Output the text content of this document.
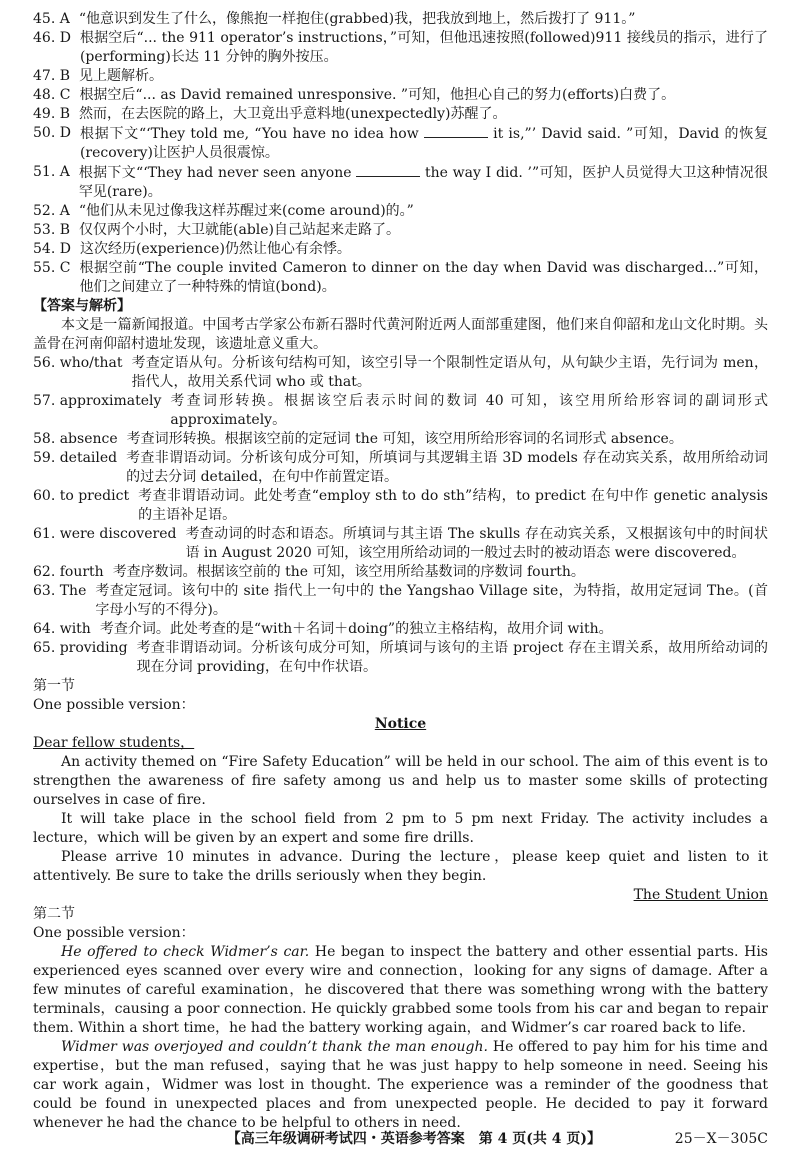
45. A “他意识到发生了什么，像熊抱一样抱住(grabbed)我，把我放到地上，然后拨打了 911。”
46. D 根据空后“... the 911 operator’s instructions，”可知，但他迅速按照(followed)911 接线员的指示，进行了(performing)长达 11 分钟的胸外按压。
47. B 见上题解析。
48. C 根据空后“... as David remained unresponsive. ”可知，他担心自己的努力(efforts)白费了。
49. B 然而，在去医院的路上，大卫竟出乎意料地(unexpectedly)苏醒了。
50. D 根据下文“‘They told me, “You have no idea how	it is,”’ David said. ”可知，David 的恢复(recovery)让医护人员很震惊。
51. A 根据下文“‘They had never seen anyone	the way I did. ’”可知，医护人员觉得大卫这种情况很罕见(rare)。
52. A “他们从未见过像我这样苏醒过来(come around)的。”
53. B 仅仅两个小时，大卫就能(able)自己站起来走路了。
54. D 这次经历(experience)仍然让他心有余悸。
55. C 根据空前“The couple invited Cameron to dinner on the day when David was discharged...”可知，他们之间建立了一种特殊的情谊(bond)。

【答案与解析】

本文是一篇新闻报道。中国考古学家公布新石器时代黄河附近两人面部重建图，他们来自仰韶和龙山文化时期。头盖骨在河南仰韶村遗址发现，该遗址意义重大。

56. who/that 考查定语从句。分析该句结构可知，该空引导一个限制性定语从句，从句缺少主语，先行词为 men，指代人，故用关系代词 who 或 that。
57. approximately 考查词形转换。根据该空后表示时间的数词 40 可知，该空用所给形容词的副词形式 approximately。
58. absence 考查词形转换。根据该空前的定冠词 the 可知，该空用所给形容词的名词形式 absence。
59. detailed 考查非谓语动词。分析该句成分可知，所填词与其逻辑主语 3D models 存在动宾关系，故用所给动词的过去分词 detailed，在句中作前置定语。
60. to predict 考查非谓语动词。此处考查“employ sth to do sth”结构，to predict 在句中作 genetic analysis 的主语补足语。
61. were discovered 考查动词的时态和语态。所填词与其主语 The skulls 存在动宾关系，又根据该句中的时间状语 in August 2020 可知，该空用所给动词的一般过去时的被动语态 were discovered。
62. fourth 考查序数词。根据该空前的 the 可知，该空用所给基数词的序数词 fourth。
63. The 考查定冠词。该句中的 site 指代上一句中的 the Yangshao Village site，为特指，故用定冠词 The。(首字母小写的不得分)。
64. with 考查介词。此处考查的是“with＋名词＋doing”的独立主格结构，故用介词 with。
65. providing 考查非谓语动词。分析该句成分可知，所填词与该句的主语 project 存在主谓关系，故用所给动词的现在分词 providing，在句中作状语。

第一节

One possible version：

Notice

Dear fellow students，

An activity themed on “Fire Safety Education” will be held in our school. The aim of this event is to strengthen the awareness of fire safety among us and help us to master some skills of protecting ourselves in case of fire.

It will take place in the school field from 2 pm to 5 pm next Friday. The activity includes a lecture，which will be given by an expert and some fire drills.

Please arrive 10 minutes in advance. During the lecture，please keep quiet and listen to it attentively. Be sure to take the drills seriously when they begin.

The Student Union

第二节

One possible version：

He offered to check Widmer’s car. He began to inspect the battery and other essential parts. His experienced eyes scanned over every wire and connection，looking for any signs of damage. After a few minutes of careful examination，he discovered that there was something wrong with the battery terminals，causing a poor connection. He quickly grabbed some tools from his car and began to repair them. Within a short time，he had the battery working again，and Widmer’s car roared back to life.

Widmer was overjoyed and couldn’t thank the man enough. He offered to pay him for his time and expertise，but the man refused，saying that he was just happy to help someone in need. Seeing his car work again，Widmer was lost in thought. The experience was a reminder of the goodness that could be found in unexpected places and from unexpected people. He decided to pay it forward whenever he had the chance to be helpful to others in need.

【高三年级调研考试四・英语参考答案　第 4 页(共 4 页)】	25－X－305C
